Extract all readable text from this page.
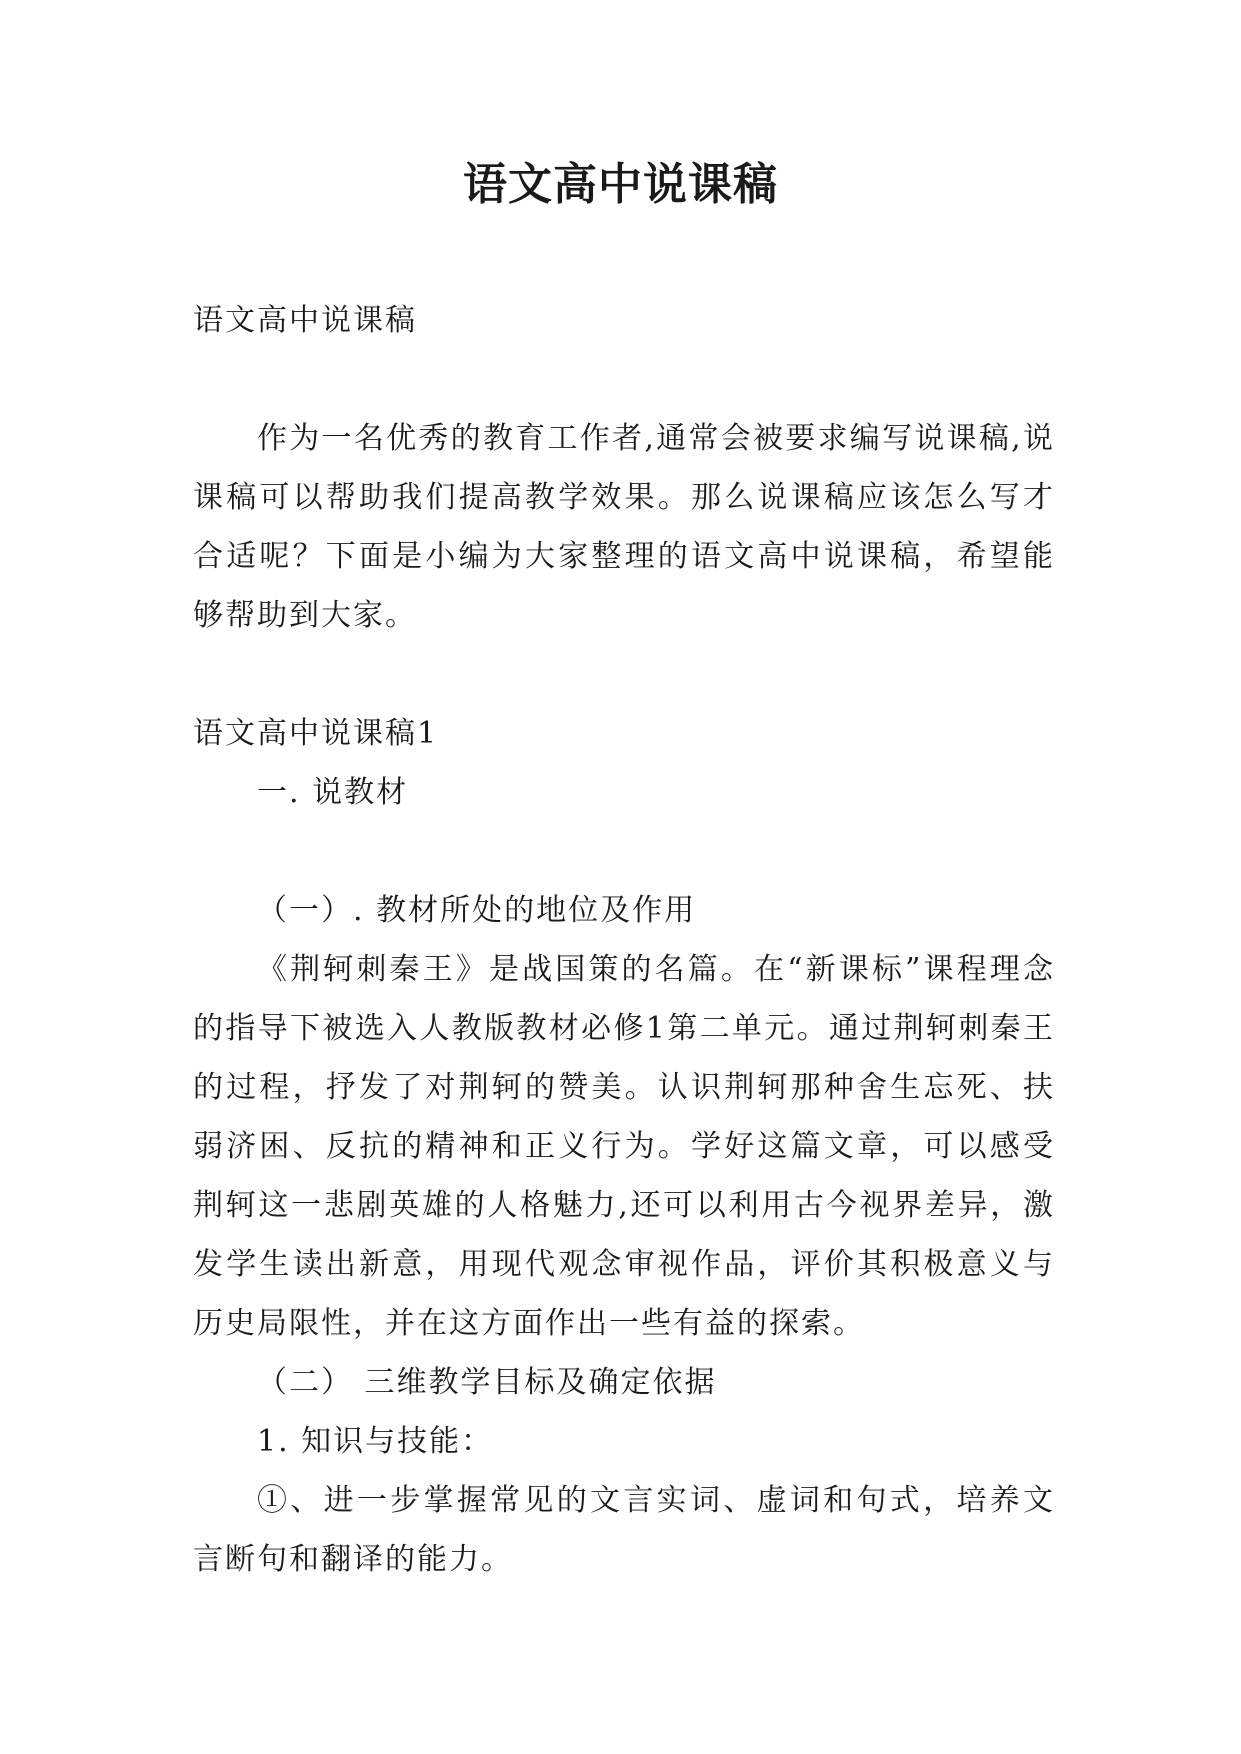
语文高中说课稿

语文高中说课稿

作为一名优秀的教育工作者,通常会被要求编写说课稿,说课稿可以帮助我们提高教学效果。那么说课稿应该怎么写才合适呢？下面是小编为大家整理的语文高中说课稿，希望能够帮助到大家。

语文高中说课稿1

一. 说教材

（一）. 教材所处的地位及作用

《荆轲刺秦王》是战国策的名篇。在“新课标”课程理念的指导下被选入人教版教材必修1第二单元。通过荆轲刺秦王的过程，抒发了对荆轲的赞美。认识荆轲那种舍生忘死、扶弱济困、反抗的精神和正义行为。学好这篇文章，可以感受荆轲这一悲剧英雄的人格魅力,还可以利用古今视界差异，激发学生读出新意，用现代观念审视作品，评价其积极意义与历史局限性，并在这方面作出一些有益的探索。

（二） 三维教学目标及确定依据

1. 知识与技能：

①、进一步掌握常见的文言实词、虚词和句式，培养文言断句和翻译的能力。
